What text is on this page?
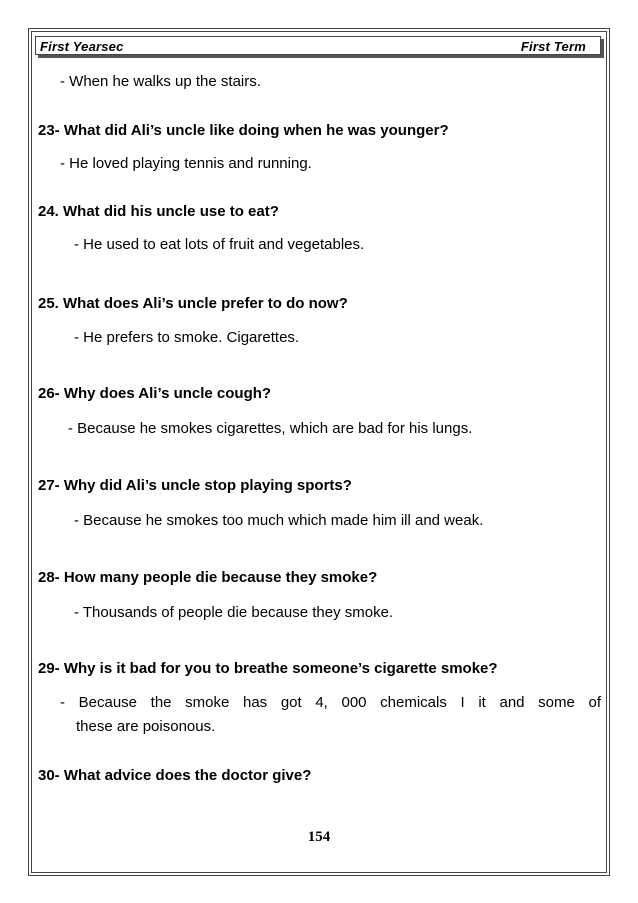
First Yearsec	First Term
- When he walks up the stairs.
23- What did Ali’s uncle like doing when he was younger?
- He loved playing tennis and running.
24. What did his uncle use to eat?
- He used to eat lots of fruit and vegetables.
25. What does Ali’s uncle prefer to do now?
- He prefers to smoke. Cigarettes.
26- Why does Ali’s uncle cough?
- Because he smokes cigarettes, which are bad for his lungs.
27- Why did Ali’s uncle stop playing sports?
- Because he smokes too much which made him ill and weak.
28- How many people die because they smoke?
- Thousands of people die because they smoke.
29- Why is it bad for you to breathe someone’s cigarette smoke?
- Because the smoke has got 4, 000 chemicals I it and some of
these are poisonous.
30- What advice does the doctor give?
154
